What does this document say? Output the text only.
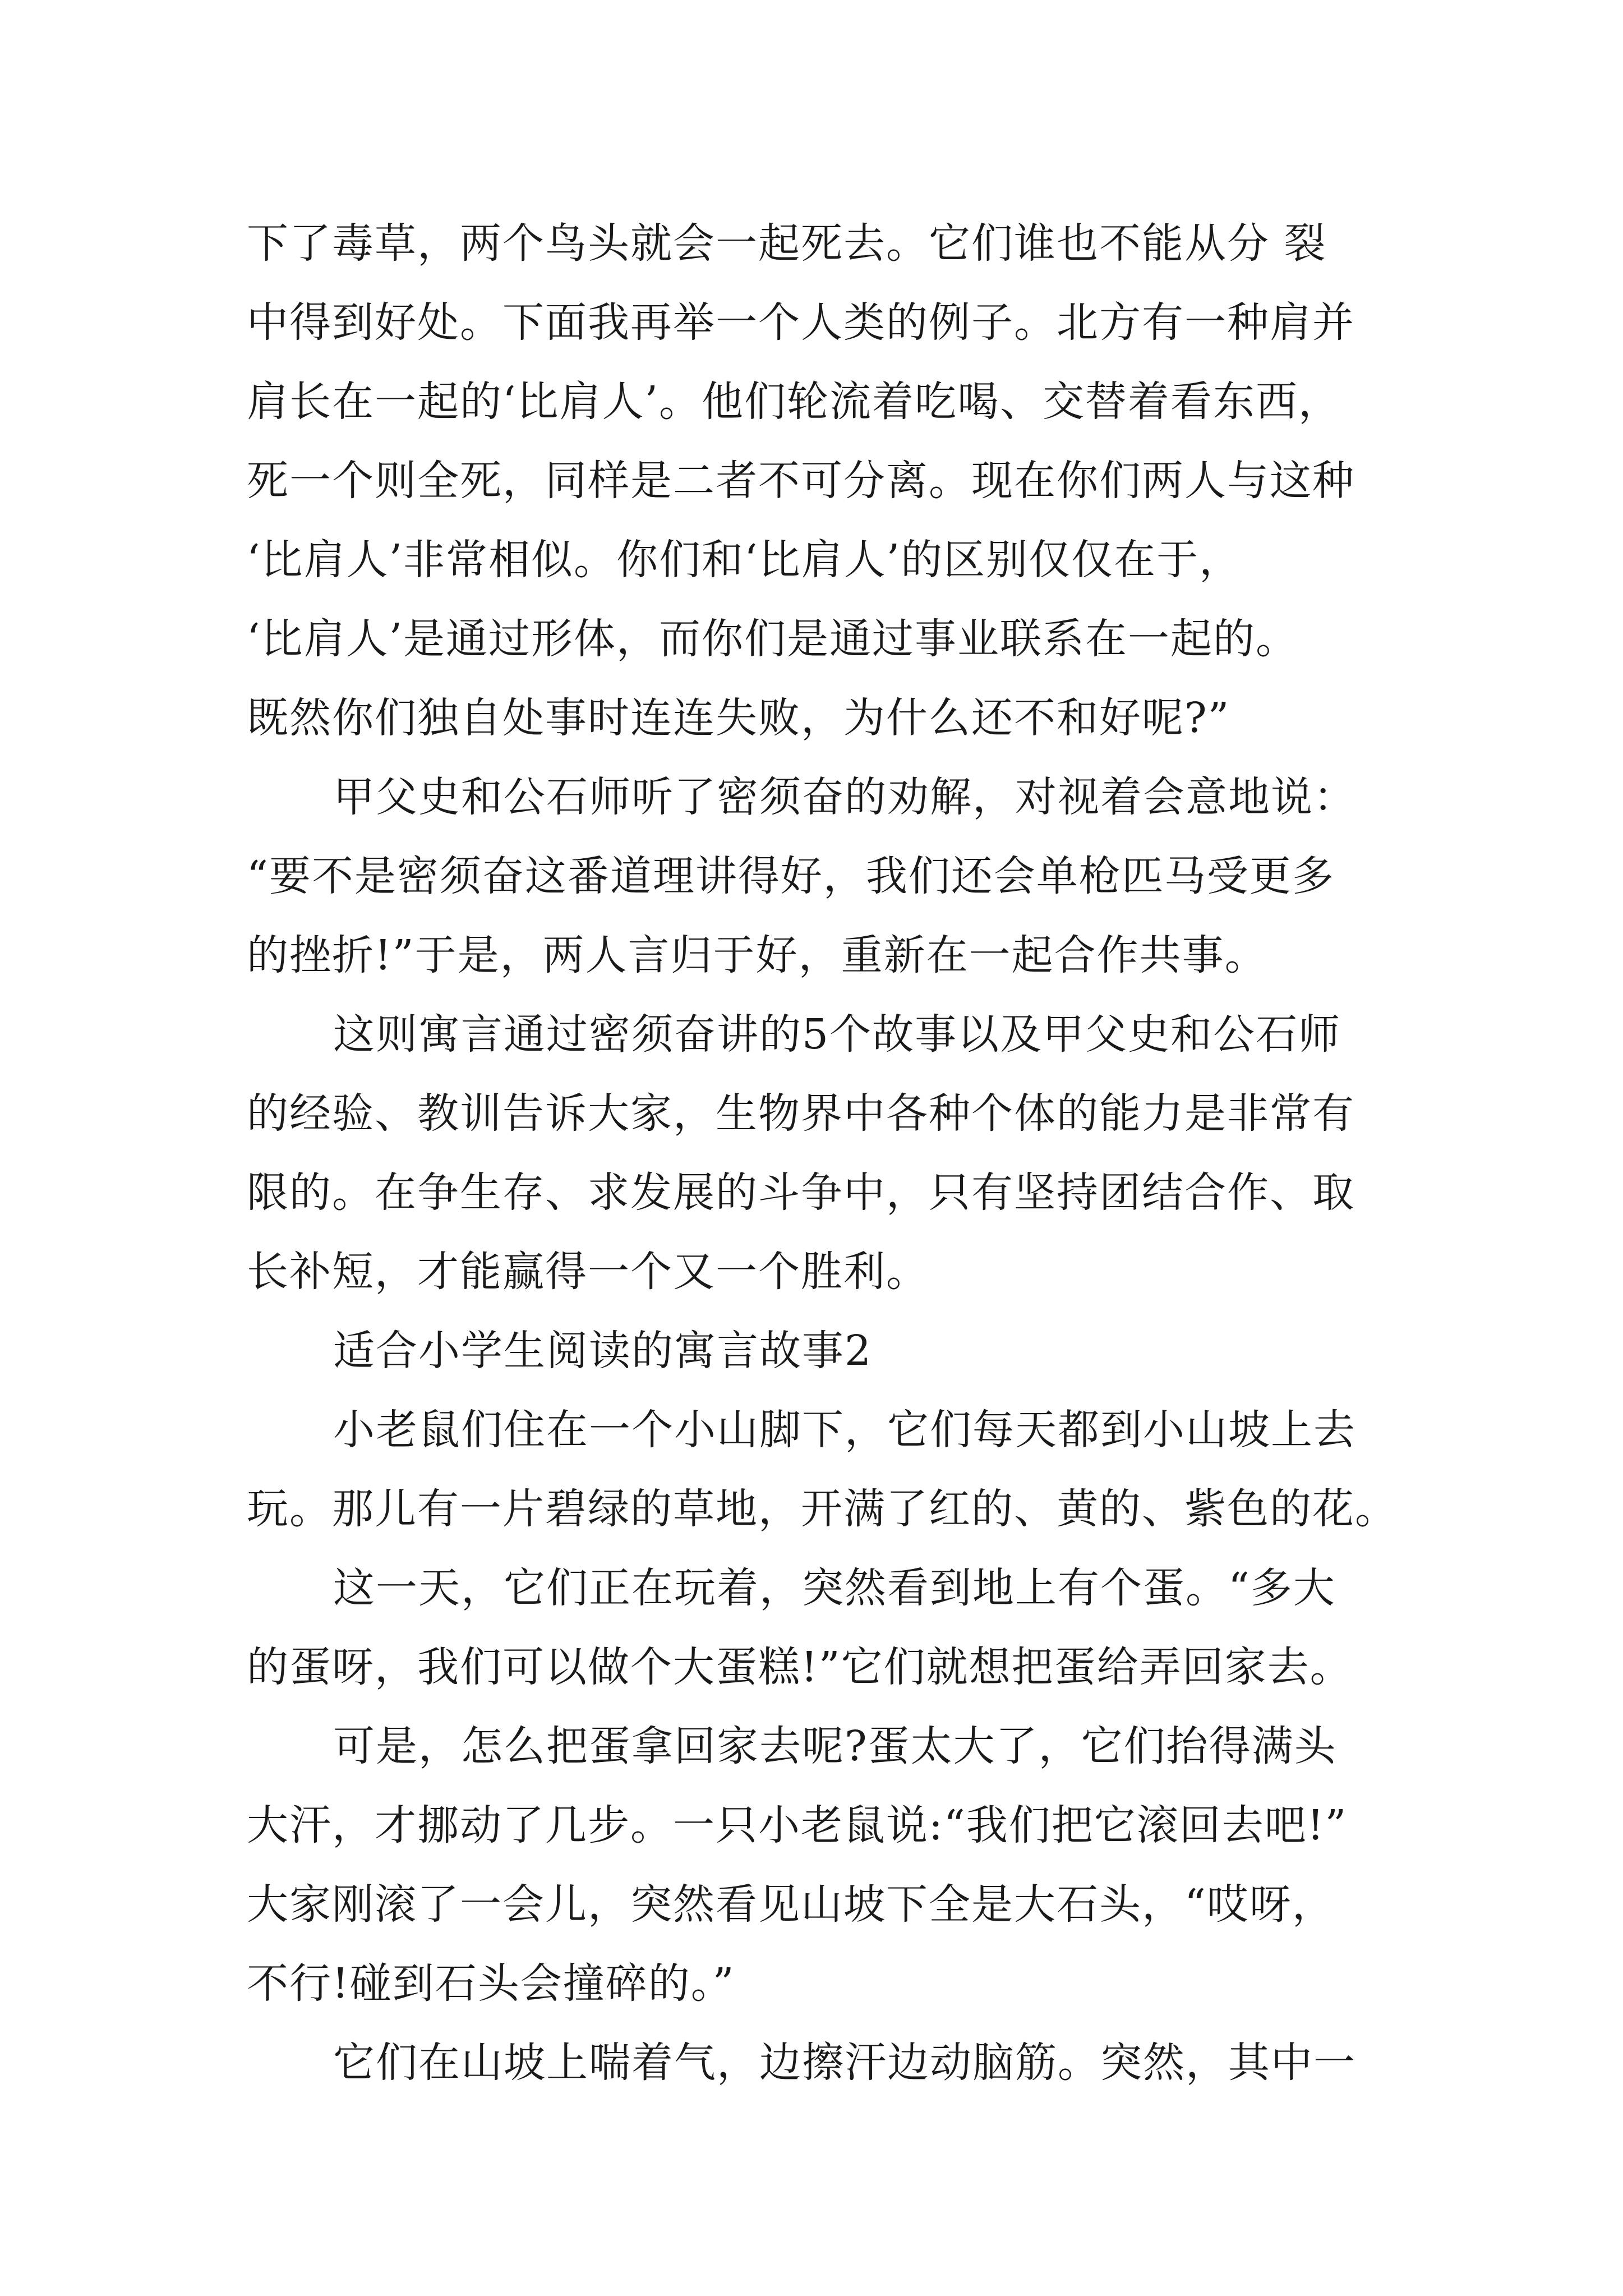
下了毒草，两个鸟头就会一起死去。它们谁也不能从分 裂
中得到好处。下面我再举一个人类的例子。北方有一种肩并
肩长在一起的‘比肩人’。他们轮流着吃喝、交替着看东西，
死一个则全死，同样是二者不可分离。现在你们两人与这种
‘比肩人’非常相似。你们和‘比肩人’的区别仅仅在于，
‘比肩人’是通过形体，而你们是通过事业联系在一起的。
既然你们独自处事时连连失败，为什么还不和好呢?”
甲父史和公石师听了密须奋的劝解，对视着会意地说：
“要不是密须奋这番道理讲得好，我们还会单枪匹马受更多
的挫折!”于是，两人言归于好，重新在一起合作共事。
这则寓言通过密须奋讲的5个故事以及甲父史和公石师
的经验、教训告诉大家，生物界中各种个体的能力是非常有
限的。在争生存、求发展的斗争中，只有坚持团结合作、取
长补短，才能赢得一个又一个胜利。
适合小学生阅读的寓言故事2
小老鼠们住在一个小山脚下，它们每天都到小山坡上去
玩。那儿有一片碧绿的草地，开满了红的、黄的、紫色的花。
这一天，它们正在玩着，突然看到地上有个蛋。“多大
的蛋呀，我们可以做个大蛋糕!”它们就想把蛋给弄回家去。
可是，怎么把蛋拿回家去呢?蛋太大了，它们抬得满头
大汗，才挪动了几步。一只小老鼠说:“我们把它滚回去吧!”
大家刚滚了一会儿，突然看见山坡下全是大石头，“哎呀，
不行!碰到石头会撞碎的。”
它们在山坡上喘着气，边擦汗边动脑筋。突然，其中一
